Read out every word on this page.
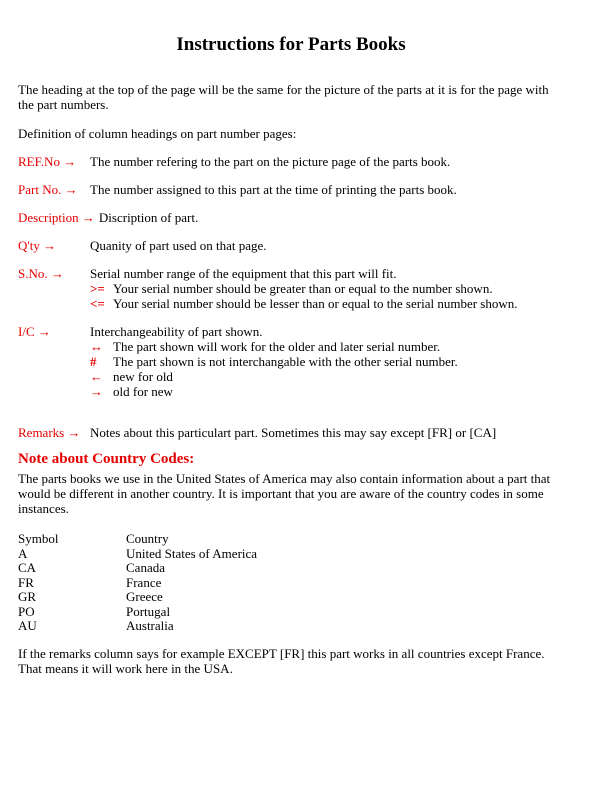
Instructions for Parts Books

The heading at the top of the page will be the same for the picture of the parts at it is for the page with the part numbers.

Definition of column headings on part number pages:

REF.No →	The number refering to the part on the picture page of the parts book.
Part No. → The number assigned to this part at the time of printing the parts book.
Description → Discription of part.
Q'ty →	Quanity of part used on that page.
S.No. →	Serial number range of the equipment that this part will fit.
>= Your serial number should be greater than or equal to the number shown.
<= Your serial number should be lesser than or equal to the serial number shown.
I/C →	Interchangeability of part shown.
↔ The part shown will work for the older and later serial number.
#	The part shown is not interchangable with the other serial number.
← new for old
→ old for new
Remarks → Notes about this particulart part. Sometimes this may say except [FR] or [CA]
Note about Country Codes:

The parts books we use in the United States of America may also contain information about a part that would be different in another country. It is important that you are aware of the country codes in some instances.

Symbol	Country
A	United States of America
CA	Canada
FR	France
GR	Greece
PO	Portugal
AU	Australia

If the remarks column says for example EXCEPT [FR] this part works in all countries except France.
That means it will work here in the USA.
